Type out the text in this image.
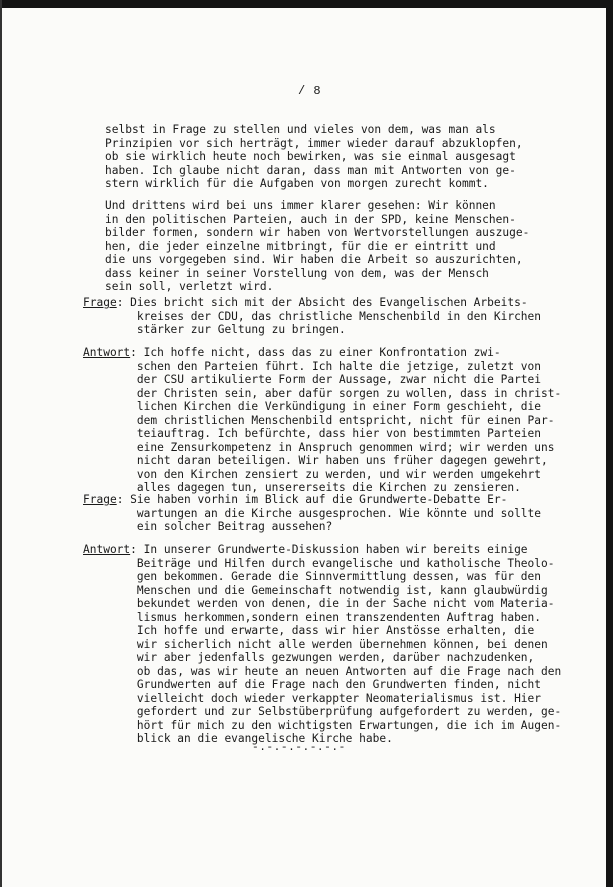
/ 8
selbst in Frage zu stellen und vieles von dem, was man als
Prinzipien vor sich herträgt, immer wieder darauf abzuklopfen,
ob sie wirklich heute noch bewirken, was sie einmal ausgesagt
haben. Ich glaube nicht daran, dass man mit Antworten von ge-
stern wirklich für die Aufgaben von morgen zurecht kommt.
Und drittens wird bei uns immer klarer gesehen: Wir können
in den politischen Parteien, auch in der SPD, keine Menschen-
bilder formen, sondern wir haben von Wertvorstellungen auszuge-
hen, die jeder einzelne mitbringt, für die er eintritt und
die uns vorgegeben sind. Wir haben die Arbeit so auszurichten,
dass keiner in seiner Vorstellung von dem, was der Mensch
sein soll, verletzt wird.
Frage: Dies bricht sich mit der Absicht des Evangelischen Arbeits-
kreises der CDU, das christliche Menschenbild in den Kirchen
stärker zur Geltung zu bringen.
Antwort: Ich hoffe nicht, dass das zu einer Konfrontation zwi-
schen den Parteien führt. Ich halte die jetzige, zuletzt von
der CSU artikulierte Form der Aussage, zwar nicht die Partei
der Christen sein, aber dafür sorgen zu wollen, dass in christ-
lichen Kirchen die Verkündigung in einer Form geschieht, die
dem christlichen Menschenbild entspricht, nicht für einen Par-
teiauftrag. Ich befürchte, dass hier von bestimmten Parteien
eine Zensurkompetenz in Anspruch genommen wird; wir werden uns
nicht daran beteiligen. Wir haben uns früher dagegen gewehrt,
von den Kirchen zensiert zu werden, und wir werden umgekehrt
alles dagegen tun, unsererseits die Kirchen zu zensieren.
Frage: Sie haben vorhin im Blick auf die Grundwerte-Debatte Er-
wartungen an die Kirche ausgesprochen. Wie könnte und sollte
ein solcher Beitrag aussehen?
Antwort: In unserer Grundwerte-Diskussion haben wir bereits einige
Beiträge und Hilfen durch evangelische und katholische Theolo-
gen bekommen. Gerade die Sinnvermittlung dessen, was für den
Menschen und die Gemeinschaft notwendig ist, kann glaubwürdig
bekundet werden von denen, die in der Sache nicht vom Materia-
lismus herkommen,sondern einen transzendenten Auftrag haben.
Ich hoffe und erwarte, dass wir hier Anstösse erhalten, die
wir sicherlich nicht alle werden übernehmen können, bei denen
wir aber jedenfalls gezwungen werden, darüber nachzudenken,
ob das, was wir heute an neuen Antworten auf die Frage nach den
Grundwerten auf die Frage nach den Grundwerten finden, nicht
vielleicht doch wieder verkappter Neomaterialismus ist. Hier
gefordert und zur Selbstüberprüfung aufgefordert zu werden, ge-
hört für mich zu den wichtigsten Erwartungen, die ich im Augen-
blick an die evangelische Kirche habe.
-.-.-.-.-.-.-
